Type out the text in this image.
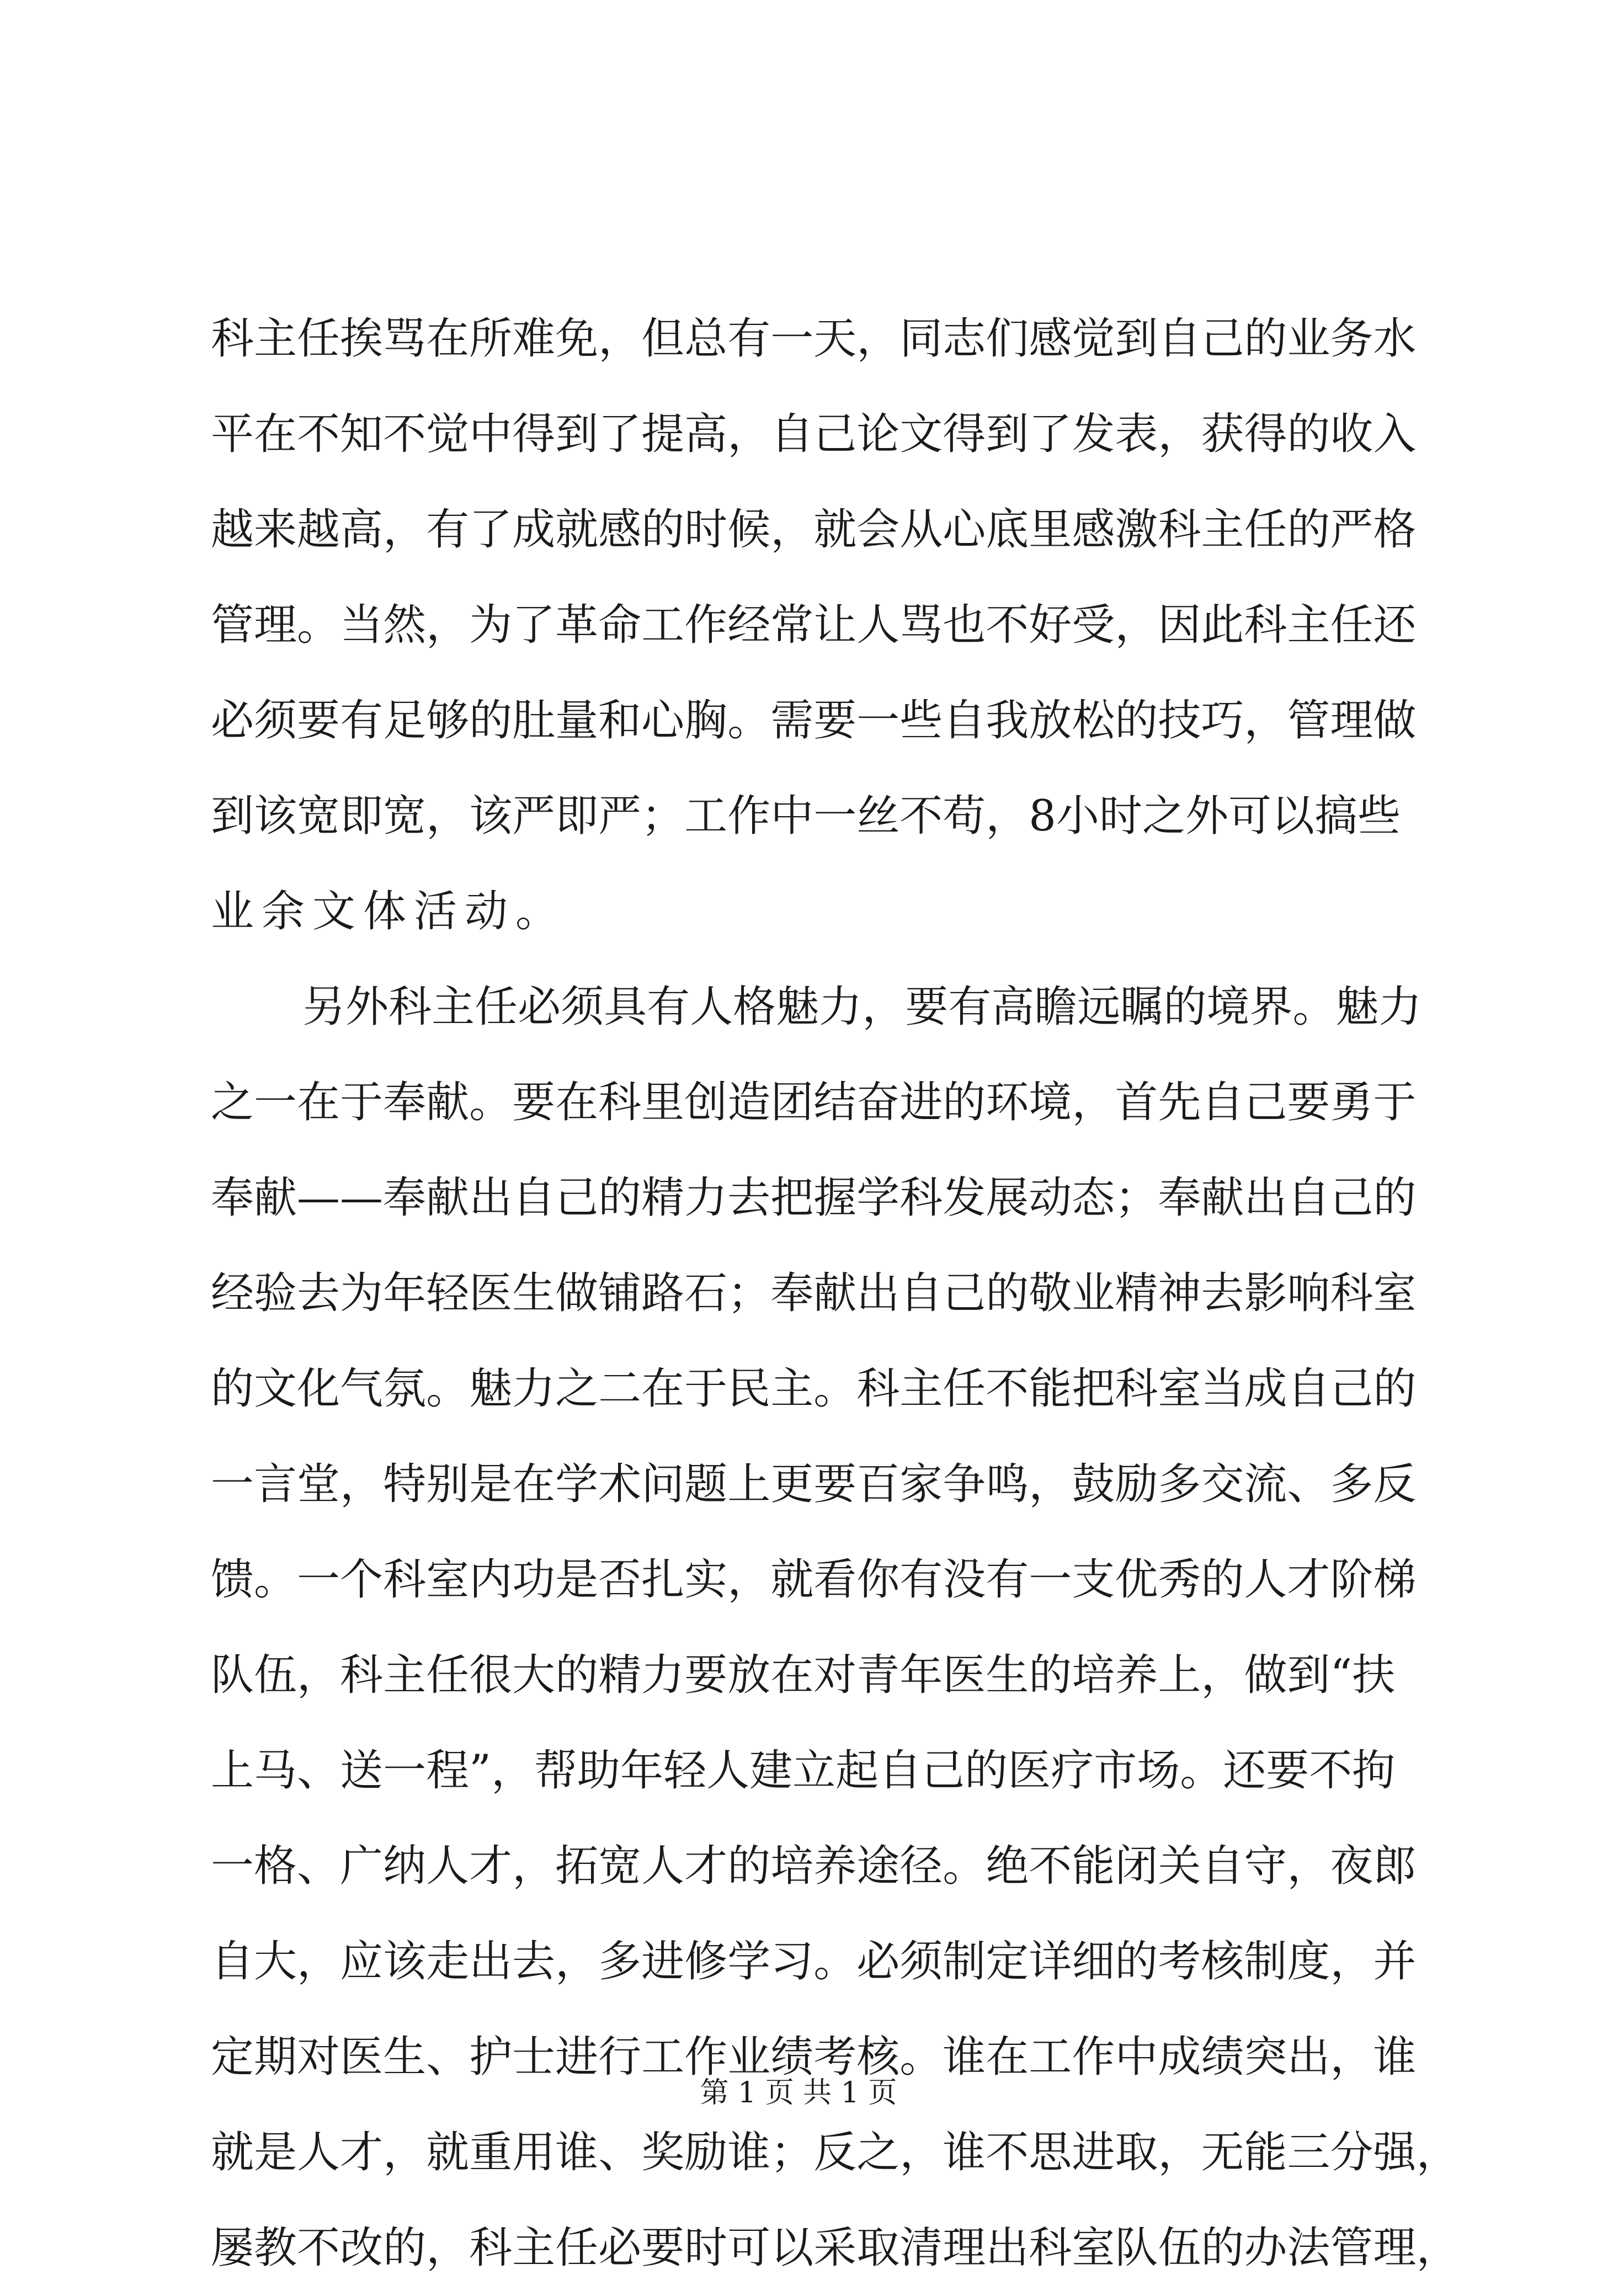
科 主 任 挨 骂 在 所 难 免 ， 但 总 有 一 天 ， 同 志 们 感 觉 到 自 己 的 业 务 水
平 在 不 知 不 觉 中 得 到 了 提 高 ， 自 己 论 文 得 到 了 发 表 ， 获 得 的 收 入
越 来 越 高 ， 有 了 成 就 感 的 时 候 ， 就 会 从 心 底 里 感 激 科 主 任 的 严 格
管 理 。 当 然 ， 为 了 革 命 工 作 经 常 让 人 骂 也 不 好 受 ， 因 此 科 主 任 还
必 须 要 有 足 够 的 肚 量 和 心 胸 。 需 要 一 些 自 我 放 松 的 技 巧 ， 管 理 做
到 该 宽 即 宽 ， 该 严 即 严 ； 工 作 中 一 丝 不 苟 ， 8 小 时 之 外 可 以 搞 些
业余文体活动。
另 外 科 主 任 必 须 具 有 人 格 魅 力 ， 要 有 高 瞻 远 瞩 的 境 界 。 魅 力
之 一 在 于 奉 献 。 要 在 科 里 创 造 团 结 奋 进 的 环 境 ， 首 先 自 己 要 勇 于
奉 献 — — 奉 献 出 自 己 的 精 力 去 把 握 学 科 发 展 动 态 ； 奉 献 出 自 己 的
经 验 去 为 年 轻 医 生 做 铺 路 石 ； 奉 献 出 自 己 的 敬 业 精 神 去 影 响 科 室
的 文 化 气 氛 。 魅 力 之 二 在 于 民 主 。 科 主 任 不 能 把 科 室 当 成 自 己 的
一 言 堂 ， 特 别 是 在 学 术 问 题 上 更 要 百 家 争 鸣 ， 鼓 励 多 交 流 、 多 反
馈 。 一 个 科 室 内 功 是 否 扎 实 ， 就 看 你 有 没 有 一 支 优 秀 的 人 才 阶 梯
队 伍 ， 科 主 任 很 大 的 精 力 要 放 在 对 青 年 医 生 的 培 养 上 ， 做 到 “ 扶
上 马 、 送 一 程 ” ， 帮 助 年 轻 人 建 立 起 自 己 的 医 疗 市 场 。 还 要 不 拘
一 格 、 广 纳 人 才 ， 拓 宽 人 才 的 培 养 途 径 。 绝 不 能 闭 关 自 守 ， 夜 郎
自 大 ， 应 该 走 出 去 ， 多 进 修 学 习 。 必 须 制 定 详 细 的 考 核 制 度 ， 并
定 期 对 医 生 、 护 士 进 行 工 作 业 绩 考 核 。 谁 在 工 作 中 成 绩 突 出 ， 谁
就 是 人 才 ， 就 重 用 谁 、 奖 励 谁 ； 反 之 ， 谁 不 思 进 取 ， 无 能 三 分 强 ，
屡 教 不 改 的 ， 科 主 任 必 要 时 可 以 采 取 清 理 出 科 室 队 伍 的 办 法 管 理 ，
第 1 页 共 1 页
